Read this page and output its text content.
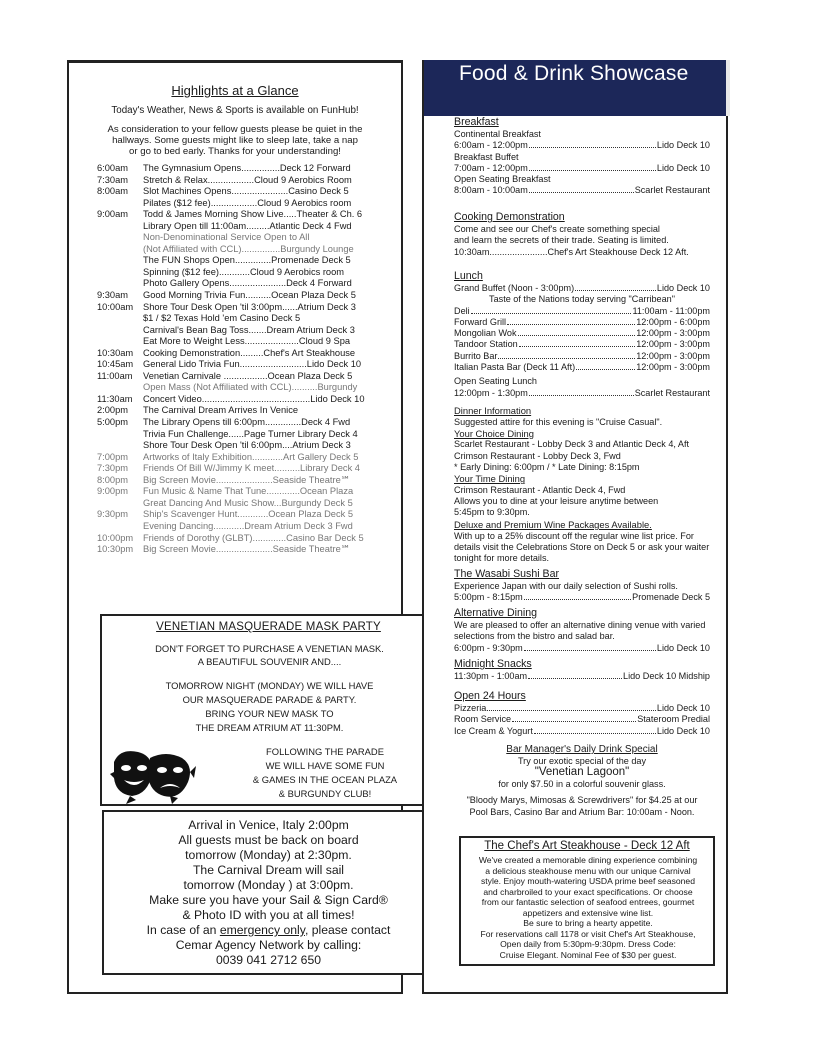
Highlights at a Glance
Today's Weather, News & Sports is available on FunHub!
As consideration to your fellow guests please be quiet in the
hallways. Some guests might like to sleep late, take a nap
or go to bed early. Thanks for your understanding!
6:00am	The Gymnasium Opens...............Deck 12 Forward
7:30am	Stretch & Relax..................Cloud 9 Aerobics Room
8:00am	Slot Machines Opens......................Casino Deck 5
Pilates ($12 fee)..................Cloud 9 Aerobics room
9:00am	Todd & James Morning Show Live.....Theater & Ch. 6
Library Open till 11:00am.........Atlantic Deck 4 Fwd
Non-Denominational Service Open to All
(Not Affiliated with CCL)...............Burgundy Lounge
The FUN Shops Open..............Promenade Deck 5
Spinning ($12 fee)............Cloud 9 Aerobics room
Photo Gallery Opens......................Deck 4 Forward
9:30am	Good Morning Trivia Fun..........Ocean Plaza Deck 5
10:00am	Shore Tour Desk Open 'til 3:00pm......Atrium Deck 3
$1 / $2 Texas Hold 'em Casino Deck 5
Carnival's Bean Bag Toss.......Dream Atrium Deck 3
Eat More to Weight Less.....................Cloud 9 Spa
10:30am	Cooking Demonstration.........Chef's Art Steakhouse
10:45am	General Lido Trivia Fun..........................Lido Deck 10
11:00am	Venetian Carnivale .................Ocean Plaza Deck 5
Open Mass (Not Affiliated with CCL)..........Burgundy
11:30am	Concert Video..........................................Lido Deck 10
2:00pm	The Carnival Dream Arrives In Venice
5:00pm	The Library Opens till 6:00pm..............Deck 4 Fwd
Trivia Fun Challenge......Page Turner Library Deck 4
Shore Tour Desk Open 'til 6:00pm....Atrium Deck 3
7:00pm	Artworks of Italy Exhibition............Art Gallery Deck 5
7:30pm	Friends Of Bill W/Jimmy K meet..........Library Deck 4
8:00pm	Big Screen Movie......................Seaside Theatre℠
9:00pm	Fun Music & Name That Tune.............Ocean Plaza
Great Dancing And Music Show...Burgundy Deck 5
9:30pm	Ship's Scavenger Hunt............Ocean Plaza Deck 5
Evening Dancing............Dream Atrium Deck 3 Fwd
10:00pm	Friends of Dorothy (GLBT).............Casino Bar Deck 5
10:30pm	Big Screen Movie......................Seaside Theatre℠
VENETIAN MASQUERADE MASK PARTY
DON'T FORGET TO PURCHASE A VENETIAN MASK.
A BEAUTIFUL SOUVENIR AND....
TOMORROW NIGHT (MONDAY) WE WILL HAVE
OUR MASQUERADE PARADE & PARTY.
BRING YOUR NEW MASK TO
THE DREAM ATRIUM AT 11:30PM.
FOLLOWING THE PARADE
WE WILL HAVE SOME FUN
& GAMES IN THE OCEAN PLAZA
& BURGUNDY CLUB!
Arrival in Venice, Italy 2:00pm
All guests must be back on board
tomorrow (Monday) at 2:30pm.
The Carnival Dream will sail
tomorrow (Monday ) at 3:00pm.
Make sure you have your Sail & Sign Card®
& Photo ID with you at all times!
In case of an emergency only, please contact
Cemar Agency Network by calling:
0039 041 2712 650
Food & Drink Showcase
Breakfast
Continental Breakfast
6:00am - 12:00pm	Lido Deck 10
Breakfast Buffet
7:00am - 12:00pm	Lido Deck 10
Open Seating Breakfast
8:00am - 10:00am	Scarlet Restaurant
Cooking Demonstration
Come and see our Chef's create something special
and learn the secrets of their trade. Seating is limited.
10:30am.......................Chef's Art Steakhouse Deck 12 Aft.
Lunch
Grand Buffet (Noon - 3:00pm)	Lido Deck 10
Taste of the Nations today serving "Carribean"
Deli	11:00am - 11:00pm
Forward Grill	12:00pm - 6:00pm
Mongolian Wok	12:00pm - 3:00pm
Tandoor Station	12:00pm - 3:00pm
Burrito Bar	12:00pm - 3:00pm
Italian Pasta Bar (Deck 11 Aft)	12:00pm - 3:00pm
Open Seating Lunch
12:00pm - 1:30pm	Scarlet Restaurant
Dinner Information
Suggested attire for this evening is "Cruise Casual".
Your Choice Dining
Scarlet Restaurant - Lobby Deck 3 and Atlantic Deck 4, Aft
Crimson Restaurant - Lobby Deck 3, Fwd
* Early Dining: 6:00pm / * Late Dining: 8:15pm
Your Time Dining
Crimson Restaurant - Atlantic Deck 4, Fwd
Allows you to dine at your leisure anytime between
5:45pm to 9:30pm.
Deluxe and Premium Wine Packages Available.
With up to a 25% discount off the regular wine list price. For
details visit the Celebrations Store on Deck 5 or ask your waiter
tonight for more details.
The Wasabi Sushi Bar
Experience Japan with our daily selection of Sushi rolls.
5:00pm - 8:15pm	Promenade Deck 5
Alternative Dining
We are pleased to offer an alternative dining venue with varied
selections from the bistro and salad bar.
6:00pm - 9:30pm	Lido Deck 10
Midnight Snacks
11:30pm - 1:00am	Lido Deck 10 Midship
Open 24 Hours
Pizzeria	Lido Deck 10
Room Service	Stateroom Predial
Ice Cream & Yogurt	Lido Deck 10
Bar Manager's Daily Drink Special
Try our exotic special of the day
"Venetian Lagoon"
for only $7.50 in a colorful souvenir glass.
"Bloody Marys, Mimosas & Screwdrivers" for $4.25 at our
Pool Bars, Casino Bar and Atrium Bar: 10:00am - Noon.
The Chef's Art Steakhouse - Deck 12 Aft
We've created a memorable dining experience combining
a delicious steakhouse menu with our unique Carnival
style. Enjoy mouth-watering USDA prime beef seasoned
and charbroiled to your exact specifications. Or choose
from our fantastic selection of seafood entrees, gourmet
appetizers and extensive wine list.
Be sure to bring a hearty appetite.
For reservations call 1178 or visit Chef's Art Steakhouse,
Open daily from 5:30pm-9:30pm. Dress Code:
Cruise Elegant. Nominal Fee of $30 per guest.
